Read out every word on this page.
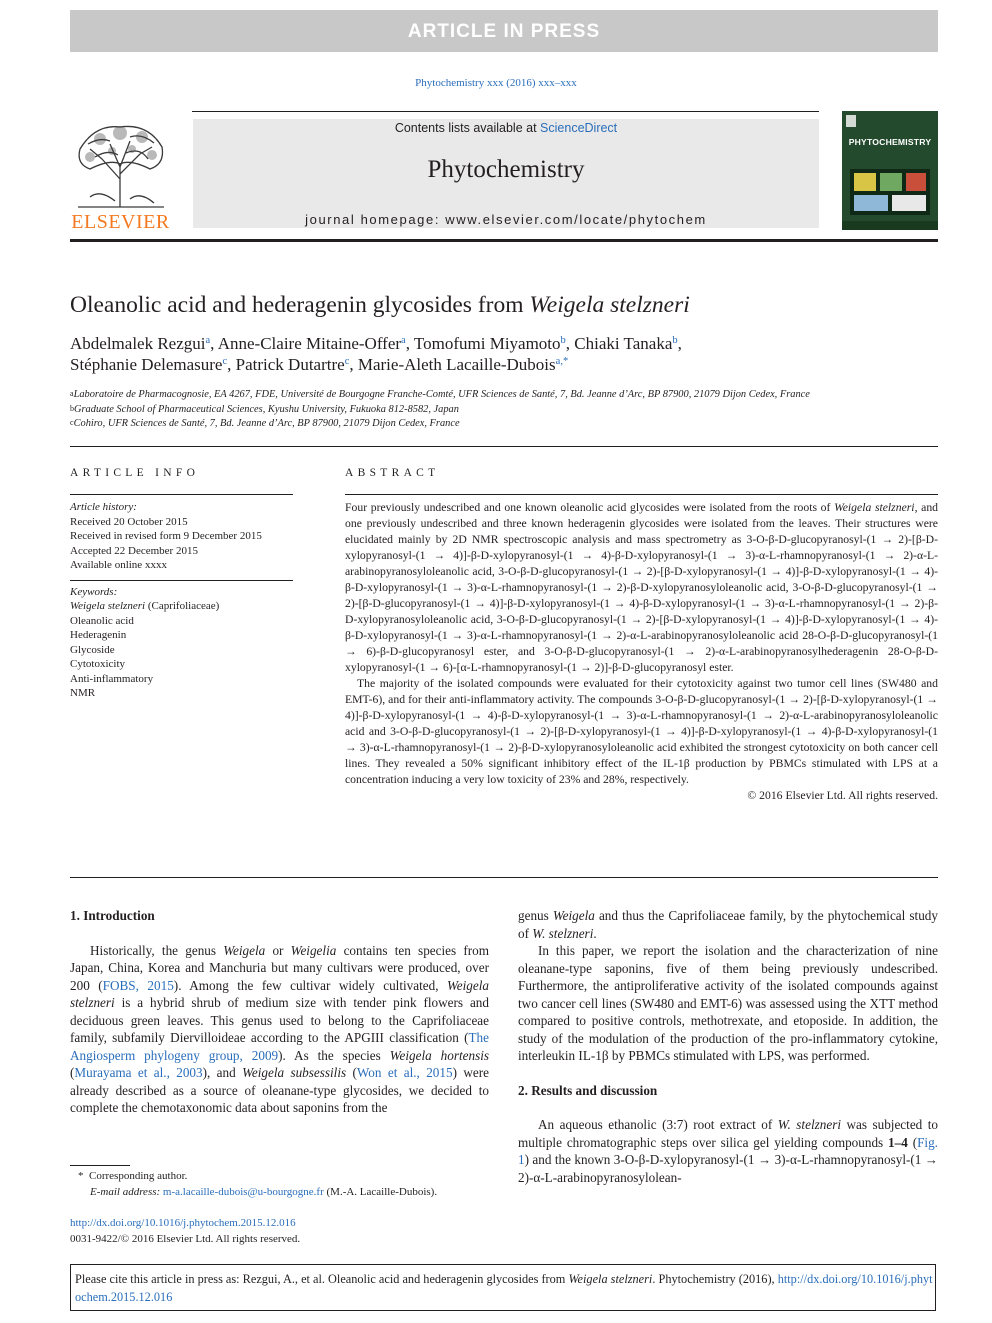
ARTICLE IN PRESS
Phytochemistry xxx (2016) xxx–xxx
ELSEVIER
Contents lists available at ScienceDirect
Phytochemistry
journal homepage: www.elsevier.com/locate/phytochem
PHYTOCHEMISTRY
Oleanolic acid and hederagenin glycosides from Weigela stelzneri
Abdelmalek Rezgui$^a$, Anne-Claire Mitaine-Offer$^a$, Tomofumi Miyamoto$^b$, Chiaki Tanaka$^b$,
Stéphanie Delemasure$^c$, Patrick Dutartre$^c$, Marie-Aleth Lacaille-Dubois$^{a,*}$
$^a$Laboratoire de Pharmacognosie, EA 4267, FDE, Université de Bourgogne Franche-Comté, UFR Sciences de Santé, 7, Bd. Jeanne d’Arc, BP 87900, 21079 Dijon Cedex, France
$^b$Graduate School of Pharmaceutical Sciences, Kyushu University, Fukuoka 812-8582, Japan
$^c$Cohiro, UFR Sciences de Santé, 7, Bd. Jeanne d’Arc, BP 87900, 21079 Dijon Cedex, France
ARTICLE INFO
Article history:
Received 20 October 2015
Received in revised form 9 December 2015
Accepted 22 December 2015
Available online xxxx
Keywords:
Weigela stelzneri (Caprifoliaceae)
Oleanolic acid
Hederagenin
Glycoside
Cytotoxicity
Anti-inflammatory
NMR
ABSTRACT

Four previously undescribed and one known oleanolic acid glycosides were isolated from the roots of Weigela stelzneri, and one previously undescribed and three known hederagenin glycosides were isolated from the leaves. Their structures were elucidated mainly by 2D NMR spectroscopic analysis and mass spectrometry as 3-O-β-D-glucopyranosyl-(1 → 2)-[β-D-xylopyranosyl-(1 → 4)]-β-D-xylopyranosyl-(1 → 4)-β-D-xylopyranosyl-(1 → 3)-α-L-rhamnopyranosyl-(1 → 2)-α-L-arabinopyranosyloleanolic acid, 3-O-β-D-glucopyranosyl-(1 → 2)-[β-D-xylopyranosyl-(1 → 4)]-β-D-xylopyranosyl-(1 → 4)-β-D-xylopyranosyl-(1 → 3)-α-L-rhamnopyranosyl-(1 → 2)-β-D-xylopyranosyloleanolic acid, 3-O-β-D-glucopyranosyl-(1 → 2)-[β-D-glucopyranosyl-(1 → 4)]-β-D-xylopyranosyl-(1 → 4)-β-D-xylopyranosyl-(1 → 3)-α-L-rhamnopyranosyl-(1 → 2)-β-D-xylopyranosyloleanolic acid, 3-O-β-D-glucopyranosyl-(1 → 2)-[β-D-xylopyranosyl-(1 → 4)]-β-D-xylopyranosyl-(1 → 4)-β-D-xylopyranosyl-(1 → 3)-α-L-rhamnopyranosyl-(1 → 2)-α-L-arabinopyranosyloleanolic acid 28-O-β-D-glucopyranosyl-(1 → 6)-β-D-glucopyranosyl ester, and 3-O-β-D-glucopyranosyl-(1 → 2)-α-L-arabinopyranosylhederagenin 28-O-β-D-xylopyranosyl-(1 → 6)-[α-L-rhamnopyranosyl-(1 → 2)]-β-D-glucopyranosyl ester.

The majority of the isolated compounds were evaluated for their cytotoxicity against two tumor cell lines (SW480 and EMT-6), and for their anti-inflammatory activity. The compounds 3-O-β-D-glucopyranosyl-(1 → 2)-[β-D-xylopyranosyl-(1 → 4)]-β-D-xylopyranosyl-(1 → 4)-β-D-xylopyranosyl-(1 → 3)-α-L-rhamnopyranosyl-(1 → 2)-α-L-arabinopyranosyloleanolic acid and 3-O-β-D-glucopyranosyl-(1 → 2)-[β-D-xylopyranosyl-(1 → 4)]-β-D-xylopyranosyl-(1 → 4)-β-D-xylopyranosyl-(1 → 3)-α-L-rhamnopyranosyl-(1 → 2)-β-D-xylopyranosyloleanolic acid exhibited the strongest cytotoxicity on both cancer cell lines. They revealed a 50% significant inhibitory effect of the IL-1β production by PBMCs stimulated with LPS at a concentration inducing a very low toxicity of 23% and 28%, respectively.

© 2016 Elsevier Ltd. All rights reserved.
1. Introduction

Historically, the genus Weigela or Weigelia contains ten species from Japan, China, Korea and Manchuria but many cultivars were produced, over 200 (FOBS, 2015). Among the few cultivar widely cultivated, Weigela stelzneri is a hybrid shrub of medium size with tender pink flowers and deciduous green leaves. This genus used to belong to the Caprifoliaceae family, subfamily Diervilloideae according to the APGIII classification (The Angiosperm phylogeny group, 2009). As the species Weigela hortensis (Murayama et al., 2003), and Weigela subsessilis (Won et al., 2015) were already described as a source of oleanane-type glycosides, we decided to complete the chemotaxonomic data about saponins from the

genus Weigela and thus the Caprifoliaceae family, by the phytochemical study of W. stelzneri.

In this paper, we report the isolation and the characterization of nine oleanane-type saponins, five of them being previously undescribed. Furthermore, the antiproliferative activity of the isolated compounds against two cancer cell lines (SW480 and EMT-6) was assessed using the XTT method compared to positive controls, methotrexate, and etoposide. In addition, the study of the modulation of the production of the pro-inflammatory cytokine, interleukin IL-1β by PBMCs stimulated with LPS, was performed.

2. Results and discussion

An aqueous ethanolic (3:7) root extract of W. stelzneri was subjected to multiple chromatographic steps over silica gel yielding compounds 1–4 (Fig. 1) and the known 3-O-β-D-xylopyranosyl-(1 → 3)-α-L-rhamnopyranosyl-(1 → 2)-α-L-arabinopyranosylolean-

* Corresponding author.
E-mail address: m-a.lacaille-dubois@u-bourgogne.fr (M.-A. Lacaille-Dubois).
http://dx.doi.org/10.1016/j.phytochem.2015.12.016
0031-9422/© 2016 Elsevier Ltd. All rights reserved.
Please cite this article in press as: Rezgui, A., et al. Oleanolic acid and hederagenin glycosides from Weigela stelzneri. Phytochemistry (2016), http://dx.doi.org/10.1016/j.phytochem.2015.12.016
